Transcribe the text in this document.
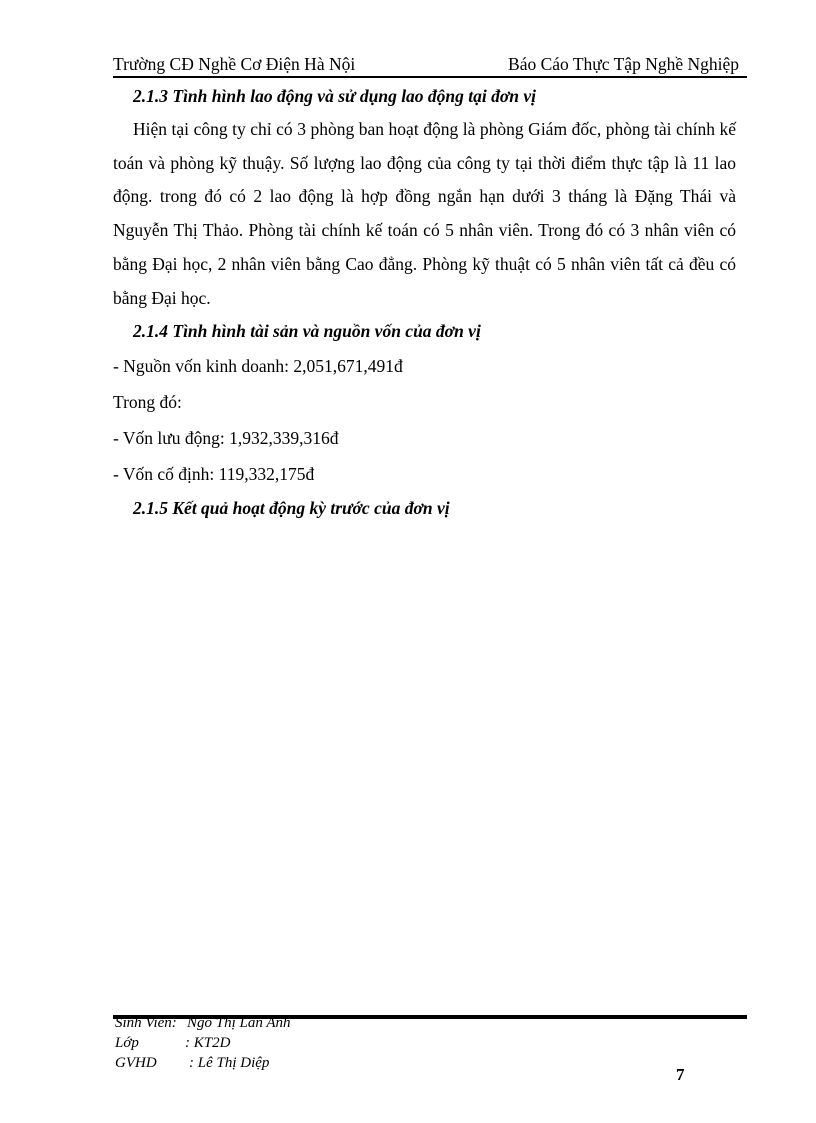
Trường CĐ Nghề Cơ Điện Hà Nội	Báo Cáo Thực Tập Nghề Nghiệp
2.1.3 Tình hình lao động và sử dụng lao động tại đơn vị

Hiện tại công ty chỉ có 3 phòng ban hoạt động là phòng Giám đốc, phòng tài chính kế toán và phòng kỹ thuậy. Số lượng lao động của công ty tại thời điểm thực tập là 11 lao động. trong đó có 2 lao động là hợp đồng ngắn hạn dưới 3 tháng là Đặng Thái và Nguyễn Thị Thảo. Phòng tài chính kế toán có 5 nhân viên. Trong đó có 3 nhân viên có bằng Đại học, 2 nhân viên bằng Cao đẳng. Phòng kỹ thuật có 5 nhân viên tất cả đều có bằng Đại học.

2.1.4 Tình hình tài sản và nguồn vốn của đơn vị
- Nguồn vốn kinh doanh: 2,051,671,491đ
Trong đó:
- Vốn lưu động: 1,932,339,316đ
- Vốn cố định: 119,332,175đ
2.1.5 Kết quả hoạt động kỳ trước của đơn vị
Sinh Viên: Ngô Thị Lan Anh
Lớp	: KT2D
GVHD : Lê Thị Diệp
7
